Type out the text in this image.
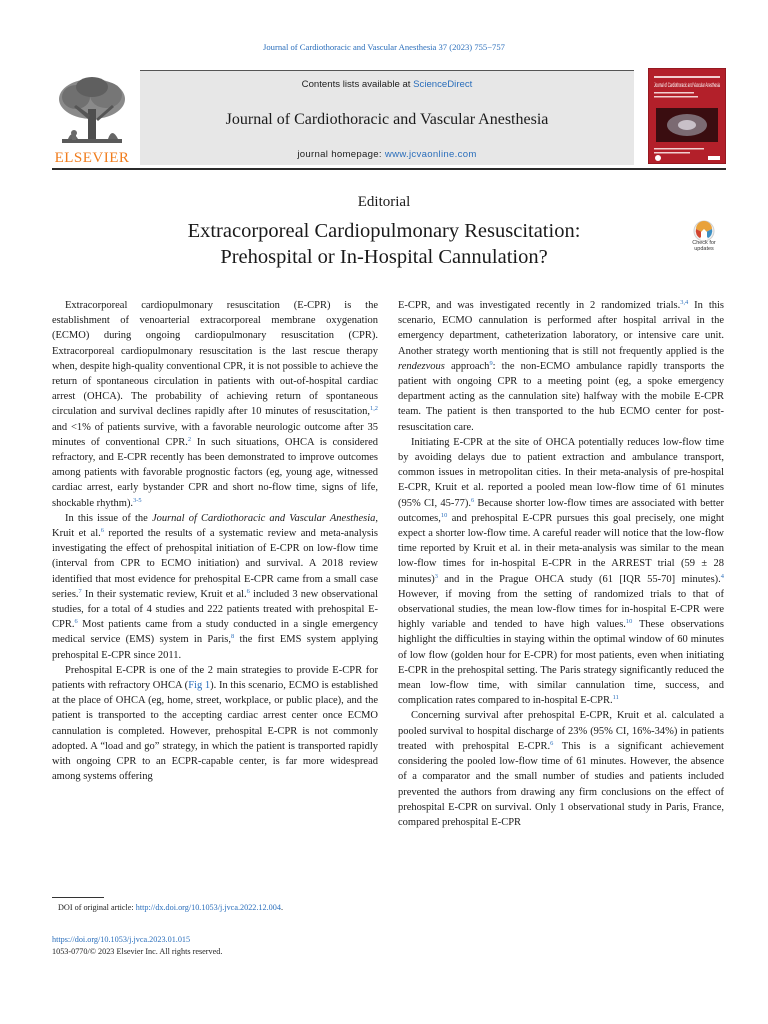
Journal of Cardiothoracic and Vascular Anesthesia 37 (2023) 755−757
ELSEVIER
Contents lists available at ScienceDirect
Journal of Cardiothoracic and Vascular Anesthesia
journal homepage: www.jcvaonline.com
Journal of Cardiothoracic and Vascular Anesthesia
Editorial
Extracorporeal Cardiopulmonary Resuscitation:
Prehospital or In-Hospital Cannulation?
Check for
updates

Extracorporeal cardiopulmonary resuscitation (E-CPR) is the establishment of venoarterial extracorporeal membrane oxygenation (ECMO) during ongoing cardiopulmonary resuscitation (CPR). Extracorporeal cardiopulmonary resuscitation is the last rescue therapy when, despite high-quality conventional CPR, it is not possible to achieve the return of spontaneous circulation in patients with out-of-hospital cardiac arrest (OHCA). The probability of achieving return of spontaneous circulation and survival declines rapidly after 10 minutes of resuscitation,$^{1,2}$ and <1% of patients survive, with a favorable neurologic outcome after 35 minutes of conventional CPR.$^2$ In such situations, OHCA is considered refractory, and E-CPR recently has been demonstrated to improve outcomes among patients with favorable prognostic factors (eg, young age, witnessed cardiac arrest, early bystander CPR and short no-flow time, signs of life, shockable rhythm).$^{3-5}$

In this issue of the Journal of Cardiothoracic and Vascular Anesthesia, Kruit et al.$^6$ reported the results of a systematic review and meta-analysis investigating the effect of prehospital initiation of E-CPR on low-flow time (interval from CPR to ECMO initiation) and survival. A 2018 review identified that most evidence for prehospital E-CPR came from a small case series.$^7$ In their systematic review, Kruit et al.$^6$ included 3 new observational studies, for a total of 4 studies and 222 patients treated with prehospital E-CPR.$^6$ Most patients came from a study conducted in a single emergency medical service (EMS) system in Paris,$^8$ the first EMS system applying prehospital E-CPR since 2011.

Prehospital E-CPR is one of the 2 main strategies to provide E-CPR for patients with refractory OHCA (Fig 1). In this scenario, ECMO is established at the place of OHCA (eg, home, street, workplace, or public place), and the patient is transported to the accepting cardiac arrest center once ECMO cannulation is completed. However, prehospital E-CPR is not commonly adopted. A “load and go” strategy, in which the patient is transported rapidly with ongoing CPR to an ECPR-capable center, is far more widespread among systems offering

E-CPR, and was investigated recently in 2 randomized trials.$^{3,4}$ In this scenario, ECMO cannulation is performed after hospital arrival in the emergency department, catheterization laboratory, or intensive care unit. Another strategy worth mentioning that is still not frequently applied is the rendezvous approach$^9$: the non-ECMO ambulance rapidly transports the patient with ongoing CPR to a meeting point (eg, a spoke emergency department acting as the cannulation site) halfway with the mobile E-CPR team. The patient is then transported to the hub ECMO center for post-resuscitation care.

Initiating E-CPR at the site of OHCA potentially reduces low-flow time by avoiding delays due to patient extraction and ambulance transport, common issues in metropolitan cities. In their meta-analysis of pre-hospital E-CPR, Kruit et al. reported a pooled mean low-flow time of 61 minutes (95% CI, 45-77).$^6$ Because shorter low-flow times are associated with better outcomes,$^{10}$ and prehospital E-CPR pursues this goal precisely, one might expect a shorter low-flow time. A careful reader will notice that the low-flow time reported by Kruit et al. in their meta-analysis was similar to the mean low-flow times for in-hospital E-CPR in the ARREST trial (59 ± 28 minutes)$^3$ and in the Prague OHCA study (61 [IQR 55-70] minutes).$^4$ However, if moving from the setting of randomized trials to that of observational studies, the mean low-flow times for in-hospital E-CPR were highly variable and tended to have high values.$^{10}$ These observations highlight the difficulties in staying within the optimal window of 60 minutes of low flow (golden hour for E-CPR) for most patients, even when initiating E-CPR in the prehospital setting. The Paris strategy significantly reduced the mean low-flow time, with similar cannulation time, success, and complication rates compared to in-hospital E-CPR.$^{11}$

Concerning survival after prehospital E-CPR, Kruit et al. calculated a pooled survival to hospital discharge of 23% (95% CI, 16%-34%) in patients treated with prehospital E-CPR.$^6$ This is a significant achievement considering the pooled low-flow time of 61 minutes. However, the absence of a comparator and the small number of studies and patients included prevented the authors from drawing any firm conclusions on the effect of prehospital E-CPR on survival. Only 1 observational study in Paris, France, compared prehospital E-CPR

DOI of original article: http://dx.doi.org/10.1053/j.jvca.2022.12.004.
https://doi.org/10.1053/j.jvca.2023.01.015
1053-0770/© 2023 Elsevier Inc. All rights reserved.
